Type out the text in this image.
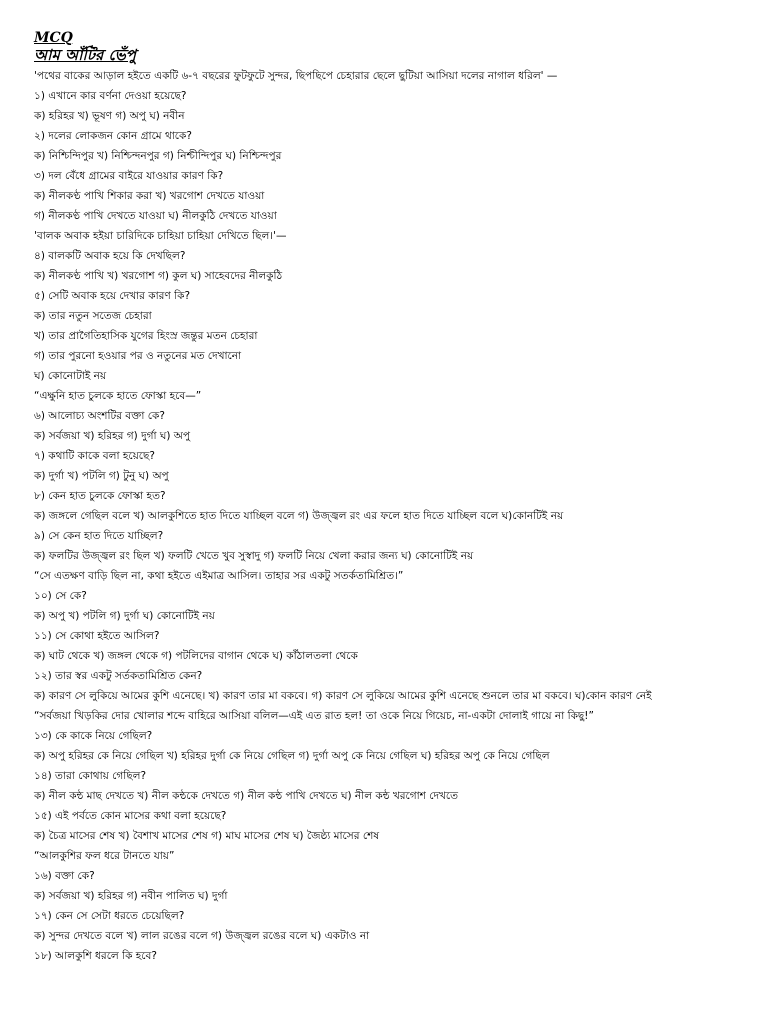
MCQ
আম আঁটির ভেঁপু
'পথের বাকের আড়াল হইতে একটি ৬-৭ বছরের ফুটফুটে সুন্দর, ছিপছিপে চেহারার ছেলে ছুটিয়া আসিয়া দলের নাগাল ধরিল' —
১) এখানে কার বর্ণনা দেওয়া হয়েছে?
ক) হরিহর খ) ভূষণ গ) অপু ঘ) নবীন
২) দলের লোকজন কোন গ্রামে থাকে?
ক) নিশ্চিন্দিপুর খ) নিশ্চিন্দনপুর গ) নিশ্চীন্দিপুর ঘ) নিশ্চিন্দপুর
৩) দল বেঁধে গ্রামের বাইরে যাওয়ার কারণ কি?
ক) নীলকণ্ঠ পাখি শিকার করা খ) খরগোশ দেখতে যাওয়া
গ) নীলকণ্ঠ পাখি দেখতে যাওয়া ঘ) নীলকুঠি দেখতে যাওয়া
'বালক অবাক হইয়া চারিদিকে চাহিয়া চাহিয়া দেখিতে ছিল।'—
৪) বালকটি অবাক হয়ে কি দেখছিল?
ক) নীলকণ্ঠ পাখি খ) খরগোশ গ) কুল ঘ) সাহেবদের নীলকুঠি
৫) সেটি অবাক হয়ে দেখার কারণ কি?
ক) তার নতুন সতেজ চেহারা
খ) তার প্রাগৈতিহাসিক যুগের হিংস্র জন্তুর মতন চেহারা
গ) তার পুরনো হওয়ার পর ও নতুনের মত দেখানো
ঘ) কোনোটাই নয়
“এক্ষুনি হাত চুলকে হাতে ফোস্কা হবে—”
৬) আলোচ্য অংশটির বক্তা কে?
ক) সর্বজয়া খ) হরিহর গ) দুর্গা ঘ) অপু
৭) কথাটি কাকে বলা হয়েছে?
ক) দুর্গা খ) পটলি গ) টুনু ঘ) অপু
৮) কেন হাত চুলকে ফোস্কা হত?
ক) জঙ্গলে গেছিল বলে খ) আলকুশিতে হাত দিতে যাচ্ছিল বলে গ) উজ্জ্বল রং এর ফলে হাত দিতে যাচ্ছিল বলে ঘ)কোনটিই নয়
৯) সে কেন হাত দিতে যাচ্ছিল?
ক) ফলটির উজ্জ্বল রং ছিল খ) ফলটি খেতে খুব সুস্বাদু গ) ফলটি নিয়ে খেলা করার জন্য ঘ) কোনোটিই নয়
“সে এতক্ষণ বাড়ি ছিল না, কথা হইতে এইমাত্র আসিল। তাহার সর একটু সতর্কতামিশ্রিত।”
১০) সে কে?
ক) অপু খ) পটলি গ) দুর্গা ঘ) কোনোটিই নয়
১১) সে কোথা হইতে আসিল?
ক) ঘাট থেকে খ) জঙ্গল থেকে গ) পটলিদের বাগান থেকে ঘ) কাঁঠালতলা থেকে
১২) তার স্বর একটু সর্তকতামিশ্রিত কেন?
ক) কারণ সে লুকিয়ে আমের কুশি এনেছে। খ) কারণ তার মা বকবে। গ) কারণ সে লুকিয়ে আমের কুশি এনেছে শুনলে তার মা বকবে। ঘ)কোন কারণ নেই
“সর্বজয়া খিড়কির দোর খোলার শব্দে বাহিরে আসিয়া বলিল—এই এত রাত হল! তা ওকে নিয়ে গিয়েচ, না-একটা দোলাই গায়ে না কিছু!”
১৩) কে কাকে নিয়ে গেছিল?
ক) অপু হরিহর কে নিয়ে গেছিল খ) হরিহর দুর্গা কে নিয়ে গেছিল গ) দুর্গা অপু কে নিয়ে গেছিল ঘ) হরিহর অপু কে নিয়ে গেছিল
১৪) তারা কোথায় গেছিল?
ক) নীল কন্ঠ মাছ দেখতে খ) নীল কন্ঠকে দেখতে গ) নীল কন্ঠ পাখি দেখতে ঘ) নীল কন্ঠ খরগোশ দেখতে
১৫) এই পর্বতে কোন মাসের কথা বলা হয়েছে?
ক) চৈত্র মাসের শেষ খ) বৈশাখ মাসের শেষ গ) মাঘ মাসের শেষ ঘ) জৈষ্ঠ্য মাসের শেষ
“আলকুশির ফল ধরে টানতে যায়”
১৬) বক্তা কে?
ক) সর্বজয়া খ) হরিহর গ) নবীন পালিত ঘ) দুর্গা
১৭) কেন সে সেটা ধরতে চেয়েছিল?
ক) সুন্দর দেখতে বলে খ) লাল রঙের বলে গ) উজ্জ্বল রঙের বলে ঘ) একটাও না
১৮) আলকুশি ধরলে কি হবে?
